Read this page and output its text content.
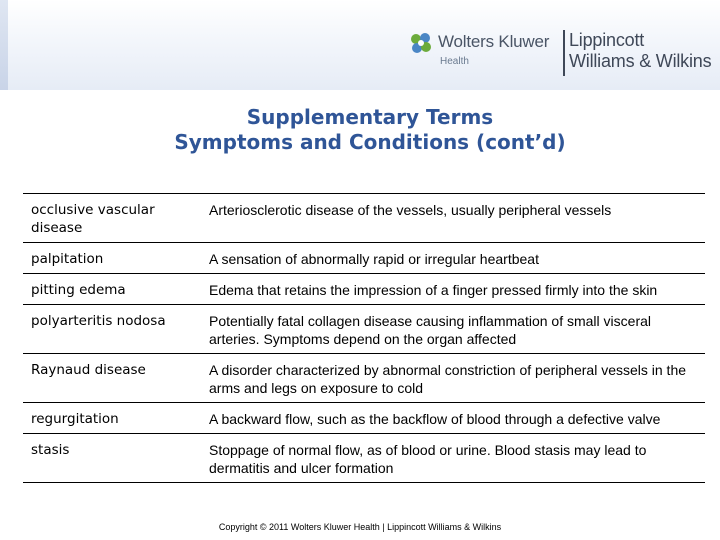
Wolters Kluwer
Health
Lippincott
Williams & Wilkins
Supplementary Terms
Symptoms and Conditions (cont’d)
occlusive vascular disease	Arteriosclerotic disease of the vessels, usually peripheral vessels
palpitation	A sensation of abnormally rapid or irregular heartbeat
pitting edema	Edema that retains the impression of a finger pressed firmly into the skin
polyarteritis nodosa	Potentially fatal collagen disease causing inflammation of small visceral arteries. Symptoms depend on the organ affected
Raynaud disease	A disorder characterized by abnormal constriction of peripheral vessels in the arms and legs on exposure to cold
regurgitation	A backward flow, such as the backflow of blood through a defective valve
stasis	Stoppage of normal flow, as of blood or urine. Blood stasis may lead to dermatitis and ulcer formation
Copyright © 2011 Wolters Kluwer Health | Lippincott Williams & Wilkins
